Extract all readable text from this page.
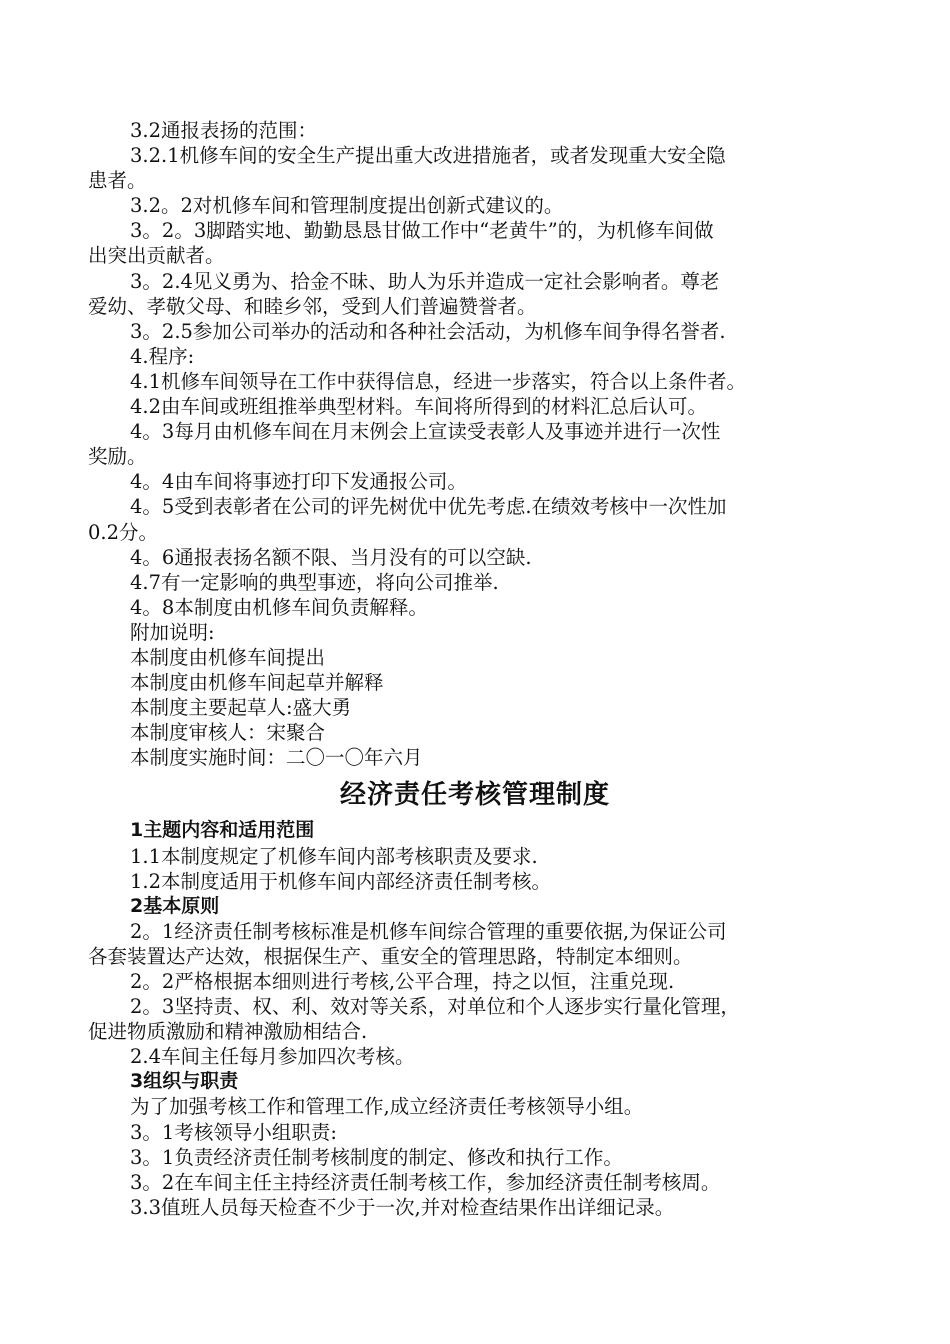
3.2通报表扬的范围：
3.2.1机修车间的安全生产提出重大改进措施者，或者发现重大安全隐
患者。
3.2。2对机修车间和管理制度提出创新式建议的。
3。2。3脚踏实地、勤勤恳恳甘做工作中“老黄牛”的，为机修车间做
出突出贡献者。
3。2.4见义勇为、拾金不昧、助人为乐并造成一定社会影响者。尊老
爱幼、孝敬父母、和睦乡邻，受到人们普遍赞誉者。
3。2.5参加公司举办的活动和各种社会活动，为机修车间争得名誉者.
4.程序:
4.1机修车间领导在工作中获得信息，经进一步落实，符合以上条件者。
4.2由车间或班组推举典型材料。车间将所得到的材料汇总后认可。
4。3每月由机修车间在月末例会上宣读受表彰人及事迹并进行一次性
奖励。
4。4由车间将事迹打印下发通报公司。
4。5受到表彰者在公司的评先树优中优先考虑.在绩效考核中一次性加
0.2分。
4。6通报表扬名额不限、当月没有的可以空缺.
4.7有一定影响的典型事迹，将向公司推举.
4。8本制度由机修车间负责解释。
附加说明:
本制度由机修车间提出
本制度由机修车间起草并解释
本制度主要起草人:盛大勇
本制度审核人：宋聚合
本制度实施时间：二〇一〇年六月
经济责任考核管理制度
1主题内容和适用范围
1.1本制度规定了机修车间内部考核职责及要求.
1.2本制度适用于机修车间内部经济责任制考核。
2基本原则
2。1经济责任制考核标准是机修车间综合管理的重要依据,为保证公司
各套装置达产达效，根据保生产、重安全的管理思路，特制定本细则。
2。2严格根据本细则进行考核,公平合理，持之以恒，注重兑现.
2。3坚持责、权、利、效对等关系，对单位和个人逐步实行量化管理，
促进物质激励和精神激励相结合.
2.4车间主任每月参加四次考核。
3组织与职责
为了加强考核工作和管理工作,成立经济责任考核领导小组。
3。1考核领导小组职责:
3。1负责经济责任制考核制度的制定、修改和执行工作。
3。2在车间主任主持经济责任制考核工作，参加经济责任制考核周。
3.3值班人员每天检查不少于一次,并对检查结果作出详细记录。
